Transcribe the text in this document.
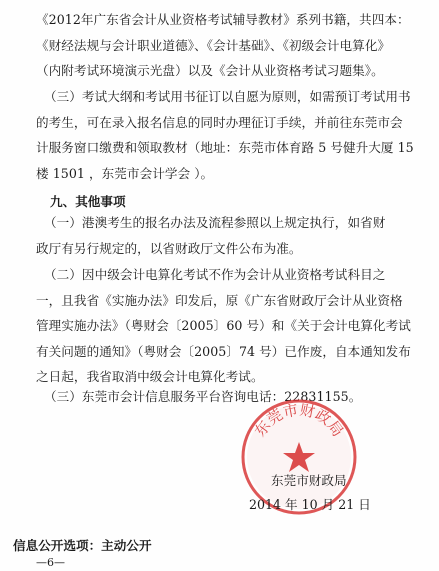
《2012年广东省会计从业资格考试辅导教材》系列书籍，共四本：
《财经法规与会计职业道德》、《会计基础》、《初级会计电算化》
（内附考试环境演示光盘）以及《会计从业资格考试习题集》。
（三）考试大纲和考试用书征订以自愿为原则，如需预订考试用书
的考生，可在录入报名信息的同时办理征订手续，并前往东莞市会
计服务窗口缴费和领取教材（地址：东莞市体育路 5 号健升大厦 15
楼 1501 ，东莞市会计学会 ）。
九、其他事项
（一）港澳考生的报名办法及流程参照以上规定执行，如省财
政厅有另行规定的，以省财政厅文件公布为准。
（二）因中级会计电算化考试不作为会计从业资格考试科目之
一，且我省《实施办法》印发后，原《广东省财政厅会计从业资格
管理实施办法》（粤财会〔2005〕60 号）和《关于会计电算化考试
有关问题的通知》（粤财会〔2005〕74 号）已作废，自本通知发布
之日起，我省取消中级会计电算化考试。
（三）东莞市会计信息服务平台咨询电话：22831155。
东莞市财政局
东莞市财政局
2014 年 10 月 21 日
信息公开选项：主动公开
—6—
